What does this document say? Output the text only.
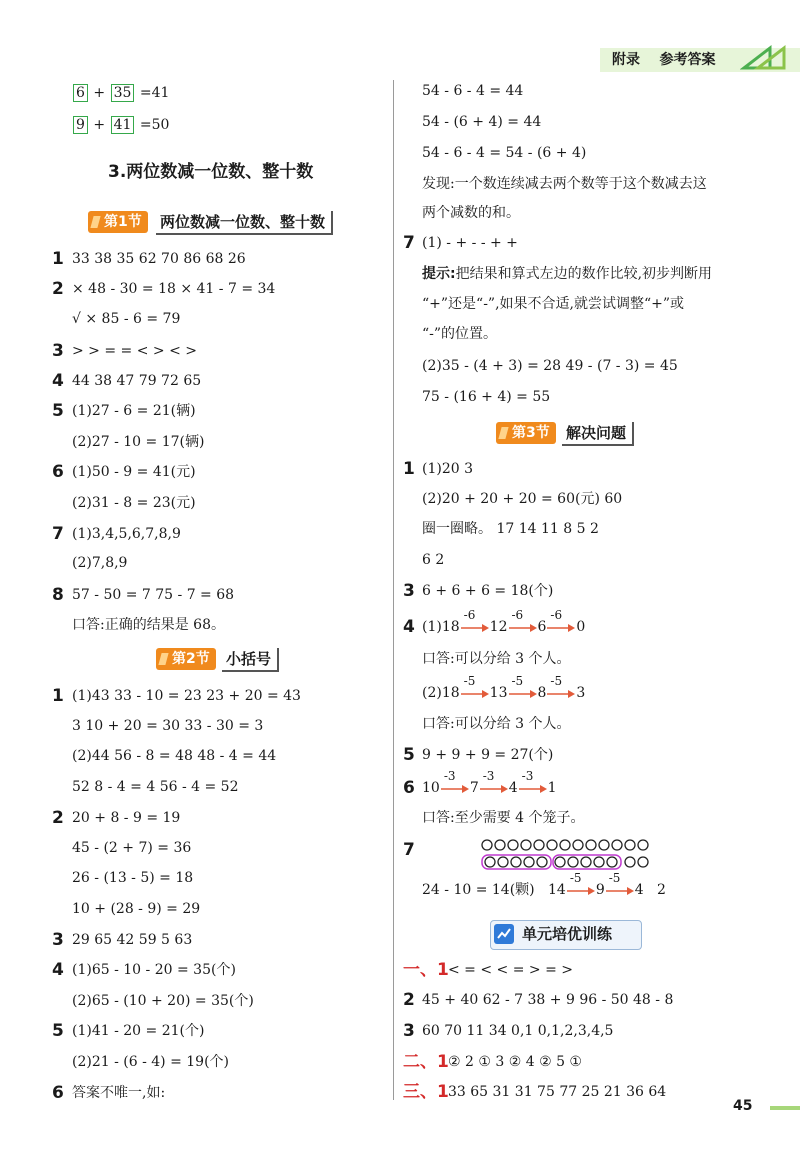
附录 参考答案
6 + 35 =41
9 + 41 =50
3.两位数减一位数、整十数
第1节	两位数减一位数、整十数
1 33 38 35 62 70 86 68 26
2 × 48 - 30 = 18 × 41 - 7 = 34
√ × 85 - 6 = 79
3 > > = = < > < >
4 44 38 47 79 72 65
5 (1)27 - 6 = 21(辆)
(2)27 - 10 = 17(辆)
6 (1)50 - 9 = 41(元)
(2)31 - 8 = 23(元)
7 (1)3,4,5,6,7,8,9
(2)7,8,9
8 57 - 50 = 7 75 - 7 = 68
口答:正确的结果是 68。
第2节	小括号
1 (1)43 33 - 10 = 23 23 + 20 = 43
3 10 + 20 = 30 33 - 30 = 3
(2)44 56 - 8 = 48 48 - 4 = 44
52 8 - 4 = 4 56 - 4 = 52
2 20 + 8 - 9 = 19
45 - (2 + 7) = 36
26 - (13 - 5) = 18
10 + (28 - 9) = 29
3 29 65 42 59 5 63
4 (1)65 - 10 - 20 = 35(个)
(2)65 - (10 + 20) = 35(个)
5 (1)41 - 20 = 21(个)
(2)21 - (6 - 4) = 19(个)
6 答案不唯一,如:
54 - 6 - 4 = 44
54 - (6 + 4) = 44
54 - 6 - 4 = 54 - (6 + 4)
发现:一个数连续减去两个数等于这个数减去这
两个减数的和。
7 (1) - + - - + +
提示:把结果和算式左边的数作比较,初步判断用
“+”还是“-”,如果不合适,就尝试调整“+”或
“-”的位置。
(2)35 - (4 + 3) = 28 49 - (7 - 3) = 45
75 - (16 + 4) = 55
第3节	解决问题
1 (1)20 3
(2)20 + 20 + 20 = 60(元) 60
圈一圈略。 17 14 11 8 5 2
6 2
3 6 + 6 + 6 = 18(个)
4 (1)18
-6
12
-6
6
-6
0
口答:可以分给 3 个人。
(2)18
-5
13
-5
8
-5
3
口答:可以分给 3 个人。
5 9 + 9 + 9 = 27(个)
6 10
-3
7
-3
4
-3
1
口答:至少需要 4 个笼子。
7
24 - 10 = 14(颗) 14
-5
9
-5
4 2
单元培优训练
一、1 < = < < = > = >
2 45 + 40 62 - 7 38 + 9 96 - 50 48 - 8
3 60 70 11 34 0,1 0,1,2,3,4,5
二、1 ② 2 ① 3 ② 4 ② 5 ①
三、1 33 65 31 31 75 77 25 21 36 64
45
